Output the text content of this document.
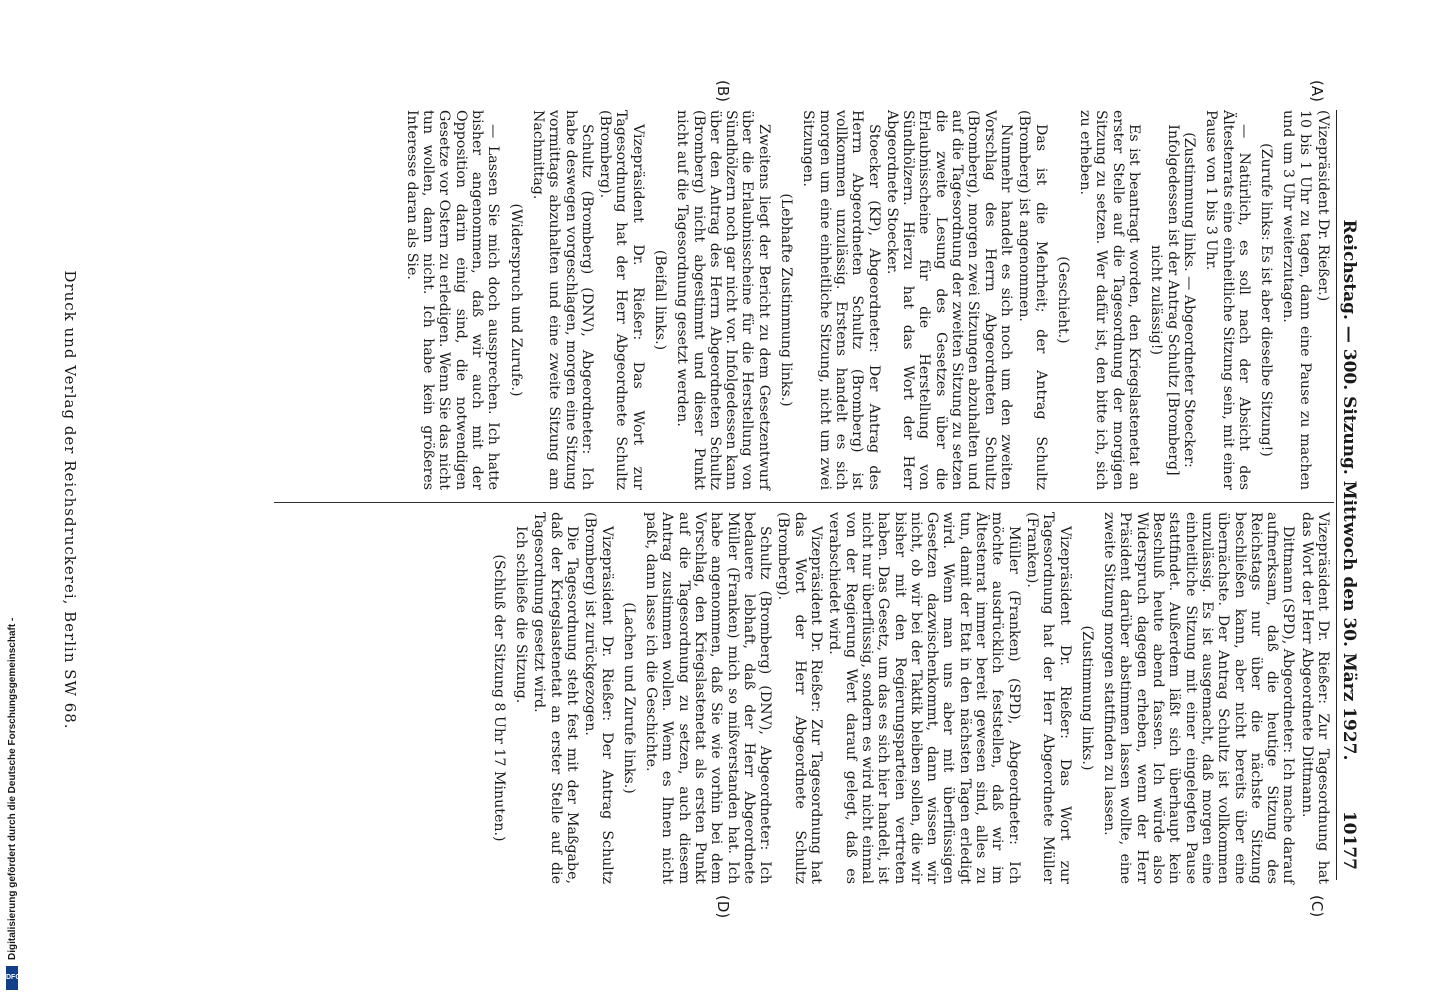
Reichstag. — 300. Sitzung. Mittwoch den 30. März 1927.
10177
(A)
(B)
(C)
(D)

(Vizepräsident Dr. Rießer.)

10 bis 1 Uhr zu tagen, dann eine Pause zu machen und um 3 Uhr weiterzutagen.

(Zurufe links: Es ist aber dieselbe Sitzung!)

— Natürlich, es soll nach der Absicht des Ältestenrats eine einheitliche Sitzung sein, mit einer Pause von 1 bis 3 Uhr.

(Zustimmung links. — Abgeordneter Stoecker: Infolgedessen ist der Antrag Schultz [Bromberg] nicht zulässig!)

Es ist beantragt worden, den Kriegslastenetat an erster Stelle auf die Tagesordnung der morgigen Sitzung zu setzen. Wer dafür ist, den bitte ich, sich zu erheben.

(Geschieht.)

Das ist die Mehrheit; der Antrag Schultz (Bromberg) ist angenommen.

Nunmehr handelt es sich noch um den zweiten Vorschlag des Herrn Abgeordneten Schultz (Bromberg), morgen zwei Sitzungen abzuhalten und auf die Tagesordnung der zweiten Sitzung zu setzen die zweite Lesung des Gesetzes über die Erlaubnisscheine für die Herstellung von Sündhölzern. Hierzu hat das Wort der Herr Abgeordnete Stoecker.

Stoecker (KP), Abgeordneter: Der Antrag des Herrn Abgeordneten Schultz (Bromberg) ist vollkommen unzulässig. Erstens handelt es sich morgen um eine einheitliche Sitzung, nicht um zwei Sitzungen.

(Lebhafte Zustimmung links.)

Zweitens liegt der Bericht zu dem Gesetzentwurf über die Erlaubnisscheine für die Herstellung von Sündhölzern noch gar nicht vor. Infolgedessen kann über den Antrag des Herrn Abgeordneten Schultz (Bromberg) nicht abgestimmt und dieser Punkt nicht auf die Tagesordnung gesetzt werden.

(Beifall links.)

Vizepräsident Dr. Rießer: Das Wort zur Tagesordnung hat der Herr Abgeordnete Schultz (Bromberg).

Schultz (Bromberg) (DNV), Abgeordneter: Ich habe deswegen vorgeschlagen, morgen eine Sitzung vormittags abzuhalten und eine zweite Sitzung am Nachmittag.

(Widerspruch und Zurufe.)

— Lassen Sie mich doch aussprechen. Ich hatte bisher angenommen, daß wir auch mit der Opposition darin einig sind, die notwendigen Gesetze vor Ostern zu erledigen. Wenn Sie das nicht tun wollen, dann nicht. Ich habe kein größeres Interesse daran als Sie.

Vizepräsident Dr. Rießer: Zur Tagesordnung hat das Wort der Herr Abgeordnete Dittmann.

Dittmann (SPD), Abgeordneter: Ich mache darauf aufmerksam, daß die heutige Sitzung des Reichstags nur über die nächste Sitzung beschließen kann, aber nicht bereits über eine übernächste. Der Antrag Schultz ist vollkommen unzulässig. Es ist ausgemacht, daß morgen eine einheitliche Sitzung mit einer eingelegten Pause stattfindet. Außerdem läßt sich überhaupt kein Beschluß heute abend fassen. Ich würde also Widerspruch dagegen erheben, wenn der Herr Präsident darüber abstimmen lassen wollte, eine zweite Sitzung morgen stattfinden zu lassen.

(Zustimmung links.)

Vizepräsident Dr. Rießer: Das Wort zur Tagesordnung hat der Herr Abgeordnete Müller (Franken).

Müller (Franken) (SPD), Abgeordneter: Ich möchte ausdrücklich feststellen, daß wir im Ältestenrat immer bereit gewesen sind, alles zu tun, damit der Etat in den nächsten Tagen erledigt wird. Wenn man uns aber mit überflüssigen Gesetzen dazwischenkommt, dann wissen wir nicht, ob wir bei der Taktik bleiben sollen, die wir bisher mit den Regierungsparteien vertreten haben. Das Gesetz, um das es sich hier handelt, ist nicht nur überflüssig, sondern es wird nicht einmal von der Regierung Wert darauf gelegt, daß es verabschiedet wird.

Vizepräsident Dr. Rießer: Zur Tagesordnung hat das Wort der Herr Abgeordnete Schultz (Bromberg).

Schultz (Bromberg) (DNV), Abgeordneter: Ich bedauere lebhaft, daß der Herr Abgeordnete Müller (Franken) mich so mißverstanden hat. Ich habe angenommen, daß Sie wie vorhin bei dem Vorschlag, den Kriegslastenetat als ersten Punkt auf die Tagesordnung zu setzen, auch diesem Antrag zustimmen wollen. Wenn es Ihnen nicht paßt, dann lasse ich die Geschichte.

(Lachen und Zurufe links.)

Vizepräsident Dr. Rießer: Der Antrag Schultz (Bromberg) ist zurückgezogen.

Die Tagesordnung steht fest mit der Maßgabe, daß der Kriegslastenetat an erster Stelle auf die Tagesordnung gesetzt wird.

Ich schließe die Sitzung.

(Schluß der Sitzung 8 Uhr 17 Minuten.)

Druck und Verlag der Reichsdruckerei, Berlin SW 68.
Digitalisierung gefördert durch die Deutsche Forschungsgemeinschaft -
DFG
